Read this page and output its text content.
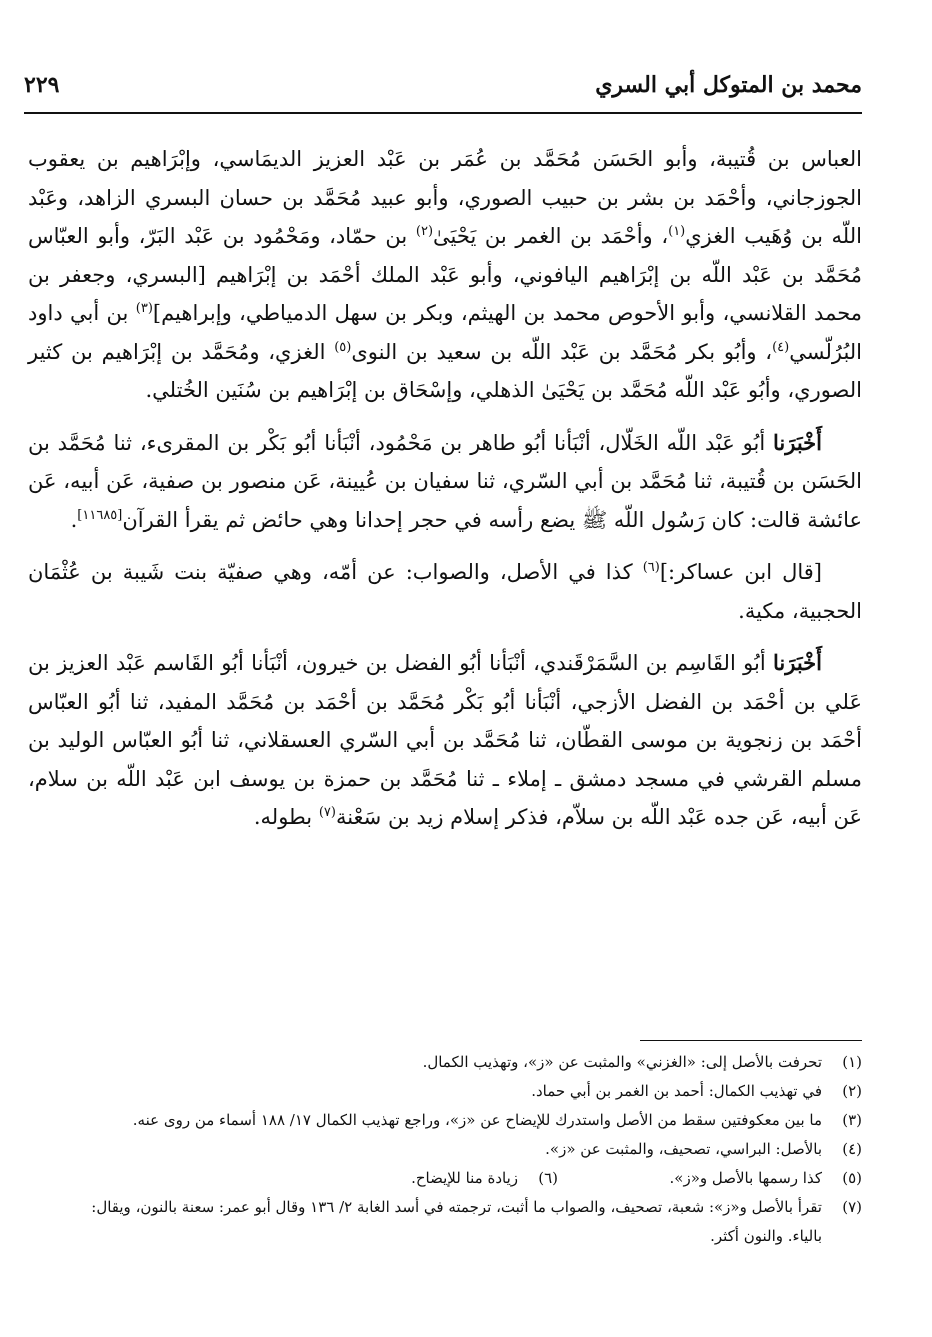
محمد بن المتوكل أبي السري
٢٢٩

العباس بن قُتيبة، وأبو الحَسَن مُحَمَّد بن عُمَر بن عَبْد العزيز الديمَاسي، وإبْرَاهيم بن يعقوب الجوزجاني، وأحْمَد بن بشر بن حبيب الصوري، وأبو عبيد مُحَمَّد بن حسان البسري الزاهد، وعَبْد اللّه بن وُهَيب الغزي$^{(١)}$، وأحْمَد بن الغمر بن يَحْيَىٰ$^{(٢)}$ بن حمّاد، ومَحْمُود بن عَبْد البَرّ، وأبو العبّاس مُحَمَّد بن عَبْد اللّه بن إبْرَاهيم اليافوني، وأبو عَبْد الملك أحْمَد بن إبْرَاهيم [البسري، وجعفر بن محمد القلانسي، وأبو الأحوص محمد بن الهيثم، وبكر بن سهل الدمياطي، وإبراهيم]$^{(٣)}$ بن أبي داود البُرُلّسي$^{(٤)}$، وأبُو بكر مُحَمَّد بن عَبْد اللّه بن سعيد بن النوى$^{(٥)}$ الغزي، ومُحَمَّد بن إبْرَاهيم بن كثير الصوري، وأبُو عَبْد اللّه مُحَمَّد بن يَحْيَىٰ الذهلي، وإسْحَاق بن إبْرَاهيم بن سُنَين الخُتلي.

أَخْبَرَنا أبُو عَبْد اللّه الخَلّال، أنْبَأنا أبُو طاهر بن مَحْمُود، أنْبَأنا أبُو بَكْر بن المقرىء، ثنا مُحَمَّد بن الحَسَن بن قُتيبة، ثنا مُحَمَّد بن أبي السّري، ثنا سفيان بن عُيينة، عَن منصور بن صفية، عَن أبيه، عَن عائشة قالت: كان رَسُول اللّه ﷺ يضع رأسه في حجر إحدانا وهي حائض ثم يقرأ القرآن[١١٦٨٥].

[قال ابن عساكر:]$^{(٦)}$ كذا في الأصل، والصواب: عن أمّه، وهي صفيّة بنت شَيبة بن عُثْمَان الحجبية، مكية.

أَخْبَرَنا أبُو القَاسِم بن السَّمَرْقَندي، أنْبَأنا أبُو الفضل بن خيرون، أنْبَأنا أبُو القَاسم عَبْد العزيز بن عَلي بن أحْمَد بن الفضل الأزجي، أنْبَأنا أبُو بَكْر مُحَمَّد بن أحْمَد بن مُحَمَّد المفيد، ثنا أبُو العبّاس أحْمَد بن زنجوية بن موسى القطّان، ثنا مُحَمَّد بن أبي السّري العسقلاني، ثنا أبُو العبّاس الوليد بن مسلم القرشي في مسجد دمشق ـ إملاء ـ ثنا مُحَمَّد بن حمزة بن يوسف ابن عَبْد اللّه بن سلام، عَن أبيه، عَن جده عَبْد اللّه بن سلاّم، فذكر إسلام زيد بن سَعْنة$^{(٧)}$ بطوله.

(١)
تحرفت بالأصل إلى: «الغزني» والمثبت عن «ز»، وتهذيب الكمال.
(٢)
في تهذيب الكمال: أحمد بن الغمر بن أبي حماد.
(٣)
ما بين معكوفتين سقط من الأصل واستدرك للإيضاح عن «ز»، وراجع تهذيب الكمال ١٧/ ١٨٨ أسماء من روى عنه.
(٤)
بالأصل: البراسي، تصحيف، والمثبت عن «ز».
(٥)
كذا رسمها بالأصل و«ز».
(٦)
زيادة منا للإيضاح.
(٧)
تقرأ بالأصل و«ز»: شعبة، تصحيف، والصواب ما أثبت، ترجمته في أسد الغابة ٢/ ١٣٦ وقال أبو عمر: سعنة بالنون، ويقال: بالياء. والنون أكثر.
